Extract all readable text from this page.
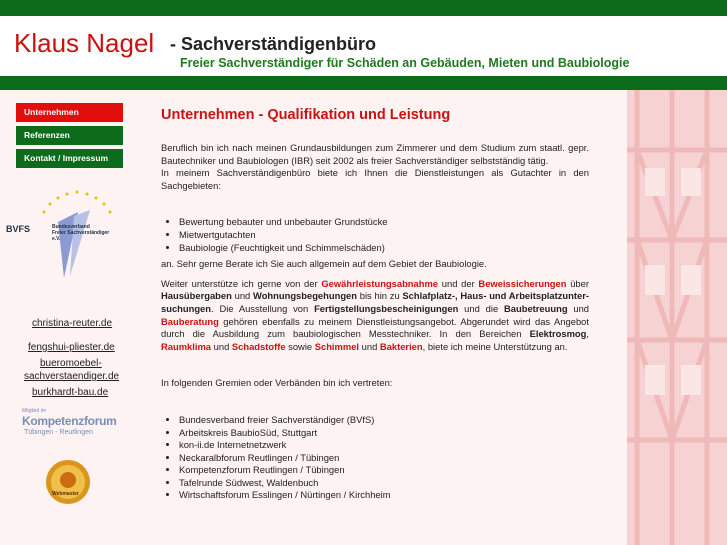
Klaus Nagel - Sachverständigenbüro
Freier Sachverständiger für Schäden an Gebäuden, Mieten und Baubiologie
Unternehmen
Referenzen
Kontakt / Impressum
BVFS	Bundesverband
Freier Sachverständiger
e.V.
christina-reuter.de
fengshui-pliester.de
bueromoebel-
sachverstaendiger.de
burkhardt-bau.de
Mitglied im
Kompetenzforum
Tübingen - Reutlingen
Webmaster
Unternehmen - Qualifikation und Leistung

Beruflich bin ich nach meinen Grundausbildungen zum Zimmerer und dem Studium zum staatl. gepr. Bautechniker und Baubiologen (IBR) seit 2002 als freier Sachverständiger selbstständig tätig.

In meinem Sachverständigenbüro biete ich Ihnen die Dienstleistungen als Gutachter in den Sachgebieten:

• Bewertung bebauter und unbebauter Grundstücke
• Mietwertgutachten
• Baubiologie (Feuchtigkeit und Schimmelschäden)

an. Sehr gerne Berate ich Sie auch allgemein auf dem Gebiet der Baubiologie.

Weiter unterstütze ich gerne von der Gewährleistungsabnahme und der Beweissicherungen über Hausübergaben und Wohnungsbegehungen bis hin zu Schlafplatz-, Haus- und Arbeitsplatzunter-suchungen. Die Ausstellung von Fertigstellungsbescheinigungen und die Baubetreuung und Bauberatung gehören ebenfalls zu meinem Dienstleistungsangebot. Abgerundet wird das Angebot durch die Ausbildung zum baubiologischen Messtechniker. In den Bereichen Elektrosmog, Raumklima und Schadstoffe sowie Schimmel und Bakterien, biete ich meine Unterstützung an.

In folgenden Gremien oder Verbänden bin ich vertreten:

• Bundesverband freier Sachverständiger (BVfS)
• Arbeitskreis BaubioSüd, Stuttgart
• kon-ii.de Internetnetzwerk
• Neckaralbforum Reutlingen / Tübingen
• Kompetenzforum Reutlingen / Tübingen
• Tafelrunde Südwest, Waldenbuch
• Wirtschaftsforum Esslingen / Nürtingen / Kirchheim
